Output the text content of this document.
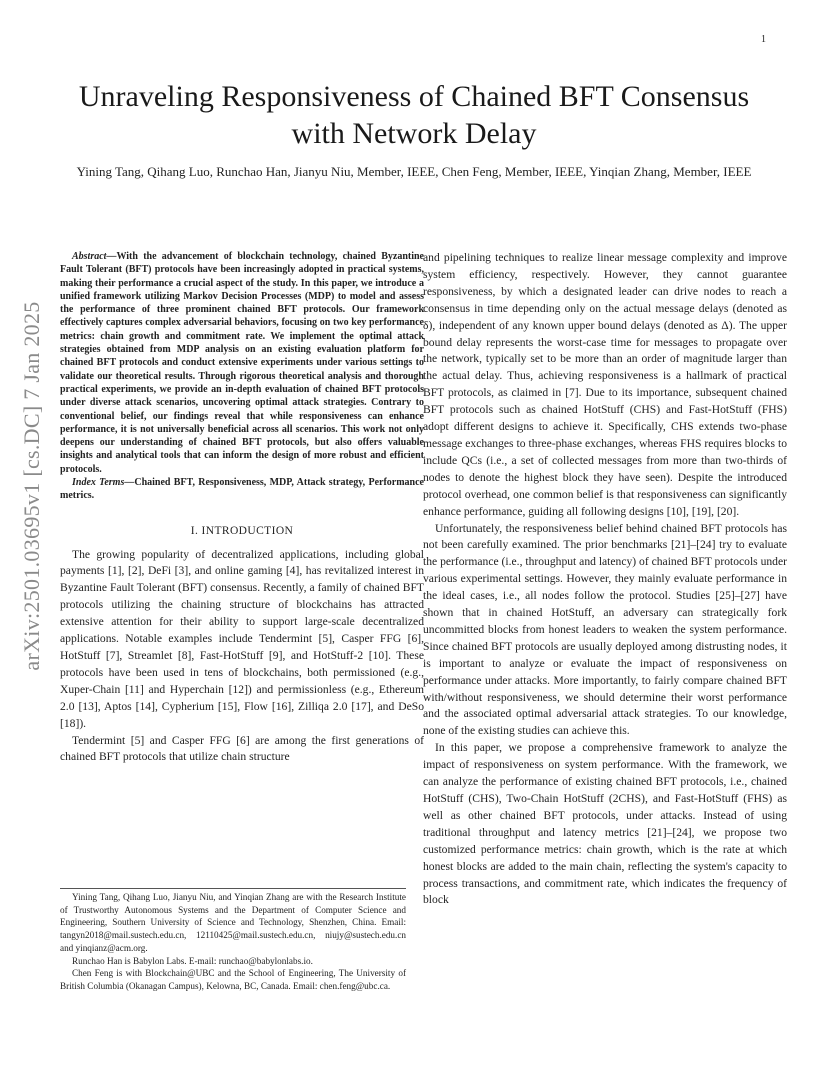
1
arXiv:2501.03695v1 [cs.DC] 7 Jan 2025
Unraveling Responsiveness of Chained BFT Consensus with Network Delay
Yining Tang, Qihang Luo, Runchao Han, Jianyu Niu, Member, IEEE, Chen Feng, Member, IEEE, Yinqian Zhang, Member, IEEE

Abstract—With the advancement of blockchain technology, chained Byzantine Fault Tolerant (BFT) protocols have been increasingly adopted in practical systems, making their performance a crucial aspect of the study. In this paper, we introduce a unified framework utilizing Markov Decision Processes (MDP) to model and assess the performance of three prominent chained BFT protocols. Our framework effectively captures complex adversarial behaviors, focusing on two key performance metrics: chain growth and commitment rate. We implement the optimal attack strategies obtained from MDP analysis on an existing evaluation platform for chained BFT protocols and conduct extensive experiments under various settings to validate our theoretical results. Through rigorous theoretical analysis and thorough practical experiments, we provide an in-depth evaluation of chained BFT protocols under diverse attack scenarios, uncovering optimal attack strategies. Contrary to conventional belief, our findings reveal that while responsiveness can enhance performance, it is not universally beneficial across all scenarios. This work not only deepens our understanding of chained BFT protocols, but also offers valuable insights and analytical tools that can inform the design of more robust and efficient protocols.

Index Terms—Chained BFT, Responsiveness, MDP, Attack strategy, Performance metrics.

I. INTRODUCTION

The growing popularity of decentralized applications, including global payments [1], [2], DeFi [3], and online gaming [4], has revitalized interest in Byzantine Fault Tolerant (BFT) consensus. Recently, a family of chained BFT protocols utilizing the chaining structure of blockchains has attracted extensive attention for their ability to support large-scale decentralized applications. Notable examples include Tendermint [5], Casper FFG [6], HotStuff [7], Streamlet [8], Fast-HotStuff [9], and HotStuff-2 [10]. These protocols have been used in tens of blockchains, both permissioned (e.g., Xuper-Chain [11] and Hyperchain [12]) and permissionless (e.g., Ethereum 2.0 [13], Aptos [14], Cypherium [15], Flow [16], Zilliqa 2.0 [17], and DeSo [18]).

Tendermint [5] and Casper FFG [6] are among the first generations of chained BFT protocols that utilize chain structure

Yining Tang, Qihang Luo, Jianyu Niu, and Yinqian Zhang are with the Research Institute of Trustworthy Autonomous Systems and the Department of Computer Science and Engineering, Southern University of Science and Technology, Shenzhen, China. Email: tangyn2018@mail.sustech.edu.cn, 12110425@mail.sustech.edu.cn, niujy@sustech.edu.cn and yinqianz@acm.org.

Runchao Han is Babylon Labs. E-mail: runchao@babylonlabs.io.

Chen Feng is with Blockchain@UBC and the School of Engineering, The University of British Columbia (Okanagan Campus), Kelowna, BC, Canada. Email: chen.feng@ubc.ca.

and pipelining techniques to realize linear message complexity and improve system efficiency, respectively. However, they cannot guarantee responsiveness, by which a designated leader can drive nodes to reach a consensus in time depending only on the actual message delays (denoted as δ), independent of any known upper bound delays (denoted as Δ). The upper bound delay represents the worst-case time for messages to propagate over the network, typically set to be more than an order of magnitude larger than the actual delay. Thus, achieving responsiveness is a hallmark of practical BFT protocols, as claimed in [7]. Due to its importance, subsequent chained BFT protocols such as chained HotStuff (CHS) and Fast-HotStuff (FHS) adopt different designs to achieve it. Specifically, CHS extends two-phase message exchanges to three-phase exchanges, whereas FHS requires blocks to include QCs (i.e., a set of collected messages from more than two-thirds of nodes to denote the highest block they have seen). Despite the introduced protocol overhead, one common belief is that responsiveness can significantly enhance performance, guiding all following designs [10], [19], [20].

Unfortunately, the responsiveness belief behind chained BFT protocols has not been carefully examined. The prior benchmarks [21]–[24] try to evaluate the performance (i.e., throughput and latency) of chained BFT protocols under various experimental settings. However, they mainly evaluate performance in the ideal cases, i.e., all nodes follow the protocol. Studies [25]–[27] have shown that in chained HotStuff, an adversary can strategically fork uncommitted blocks from honest leaders to weaken the system performance. Since chained BFT protocols are usually deployed among distrusting nodes, it is important to analyze or evaluate the impact of responsiveness on performance under attacks. More importantly, to fairly compare chained BFT with/without responsiveness, we should determine their worst performance and the associated optimal adversarial attack strategies. To our knowledge, none of the existing studies can achieve this.

In this paper, we propose a comprehensive framework to analyze the impact of responsiveness on system performance. With the framework, we can analyze the performance of existing chained BFT protocols, i.e., chained HotStuff (CHS), Two-Chain HotStuff (2CHS), and Fast-HotStuff (FHS) as well as other chained BFT protocols, under attacks. Instead of using traditional throughput and latency metrics [21]–[24], we propose two customized performance metrics: chain growth, which is the rate at which honest blocks are added to the main chain, reflecting the system's capacity to process transactions, and commitment rate, which indicates the frequency of block
